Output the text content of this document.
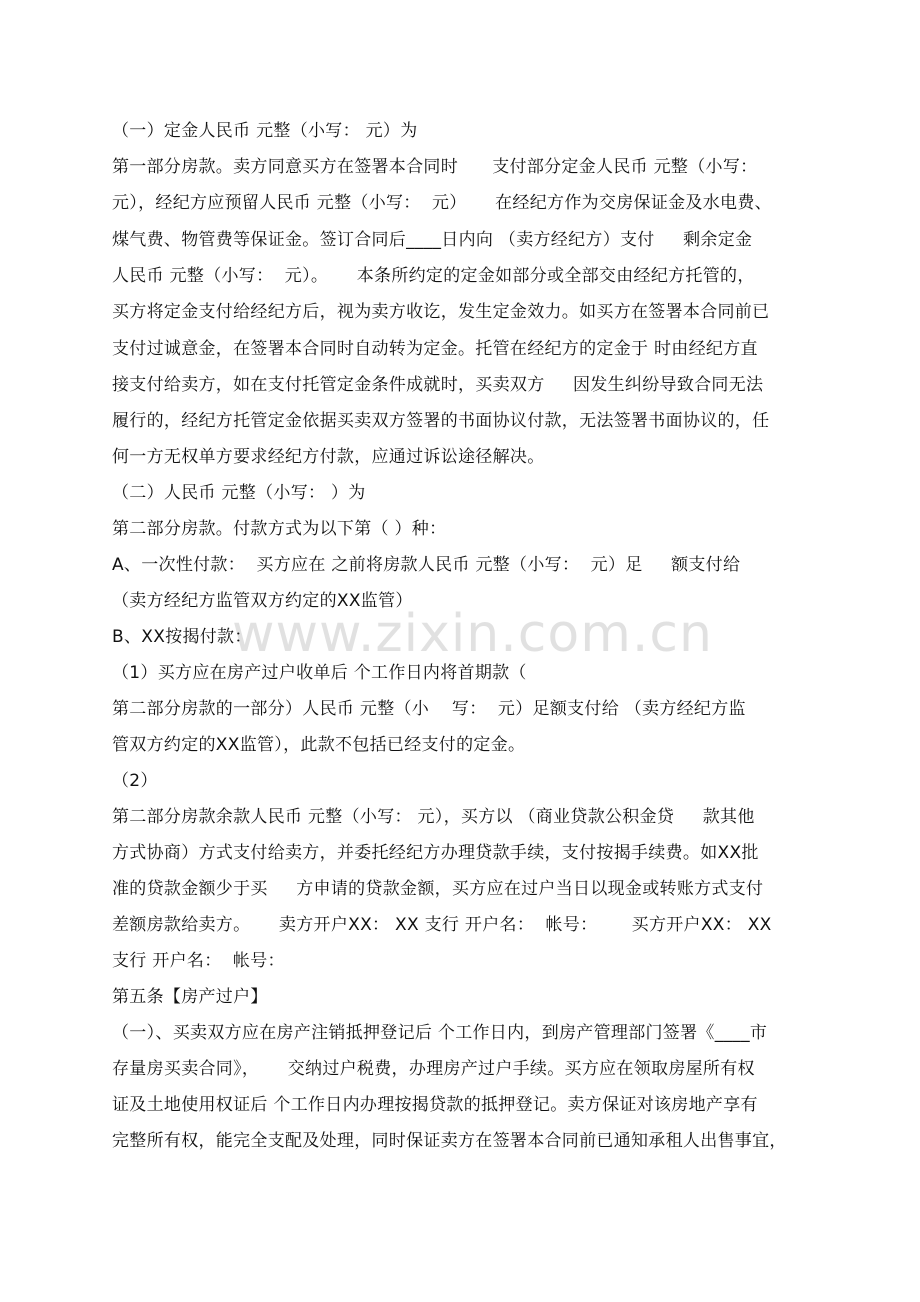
www.zixin.com.cn
（一）定金人民币 元整（小写： 元）为
第一部分房款。卖方同意买方在签署本合同时      支付部分定金人民币 元整（小写：
元），经纪方应预留人民币 元整（小写：  元）     在经纪方作为交房保证金及水电费、
煤气费、物管费等保证金。签订合同后____日内向 （卖方经纪方）支付     剩余定金
人民币 元整（小写：  元）。     本条所约定的定金如部分或全部交由经纪方托管的，
买方将定金支付给经纪方后，视为卖方收讫，发生定金效力。如买方在签署本合同前已
支付过诚意金，在签署本合同时自动转为定金。托管在经纪方的定金于 时由经纪方直
接支付给卖方，如在支付托管定金条件成就时，买卖双方     因发生纠纷导致合同无法
履行的，经纪方托管定金依据买卖双方签署的书面协议付款，无法签署书面协议的，任
何一方无权单方要求经纪方付款，应通过诉讼途径解决。
（二）人民币 元整（小写： ）为
第二部分房款。付款方式为以下第（ ）种：
A、一次性付款：  买方应在 之前将房款人民币 元整（小写：  元）足     额支付给
（卖方经纪方监管双方约定的XX监管）
B、XX按揭付款：
（1）买方应在房产过户收单后 个工作日内将首期款（
第二部分房款的一部分）人民币 元整（小    写：  元）足额支付给 （卖方经纪方监
管双方约定的XX监管），此款不包括已经支付的定金。
（2）
第二部分房款余款人民币 元整（小写： 元），买方以 （商业贷款公积金贷     款其他
方式协商）方式支付给卖方，并委托经纪方办理贷款手续，支付按揭手续费。如XX批
准的贷款金额少于买     方申请的贷款金额，买方应在过户当日以现金或转账方式支付
差额房款给卖方。     卖方开户XX： XX 支行 开户名：  帐号：      买方开户XX： XX
支行 开户名：  帐号：
第五条【房产过户】
（一）、买卖双方应在房产注销抵押登记后 个工作日内，到房产管理部门签署《____市
存量房买卖合同》，     交纳过户税费，办理房产过户手续。买方应在领取房屋所有权
证及土地使用权证后 个工作日内办理按揭贷款的抵押登记。卖方保证对该房地产享有
完整所有权，能完全支配及处理，同时保证卖方在签署本合同前已通知承租人出售事宜，
